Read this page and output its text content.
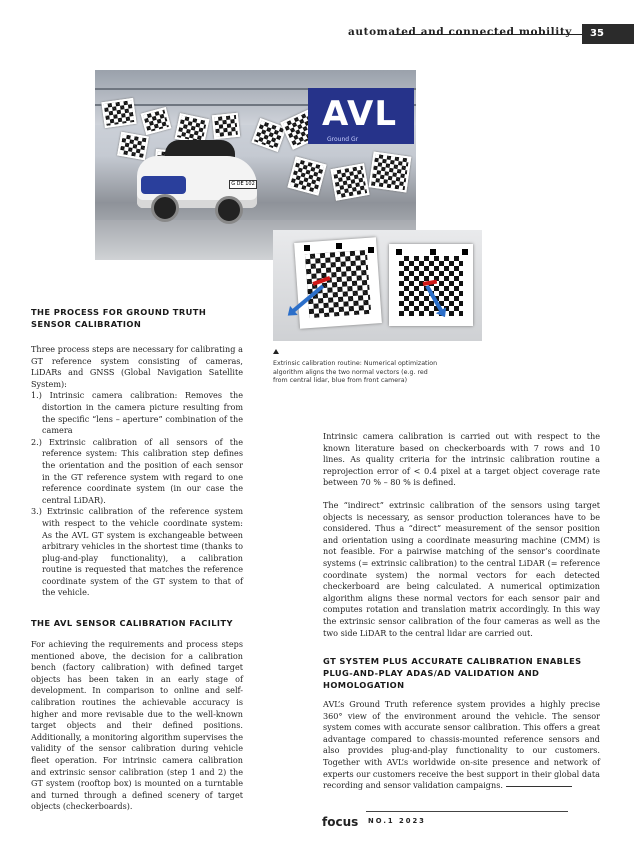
automated and connected mobility	35
AVL
Ground Gr
G DE 102
Extrinsic calibration routine: Numerical optimization algorithm aligns the two normal vectors (e.g. red from central lidar, blue from front camera)
THE PROCESS FOR GROUND TRUTH SENSOR CALIBRATION

Three process steps are necessary for calibrating a GT reference system consisting of cameras, LiDARs and GNSS (Global Navigation Satellite System):

1.) Intrinsic camera calibration: Removes the distortion in the camera picture resulting from the specific “lens – aperture” combination of the camera
2.) Extrinsic calibration of all sensors of the reference system: This calibration step defines the orientation and the position of each sensor in the GT reference system with regard to one reference coordinate system (in our case the central LiDAR).
3.) Extrinsic calibration of the reference system with respect to the vehicle coordinate system: As the AVL GT system is exchangeable between arbitrary vehicles in the shortest time (thanks to plug-and-play functionality), a calibration routine is requested that matches the reference coordinate system of the GT system to that of the vehicle.
THE AVL SENSOR CALIBRATION FACILITY

For achieving the requirements and process steps mentioned above, the decision for a calibration bench (factory calibration) with defined target objects has been taken in an early stage of development. In comparison to online and self-calibration routines the achievable accuracy is higher and more revisable due to the well-known target objects and their defined positions. Additionally, a monitoring algorithm supervises the validity of the sensor calibration during vehicle fleet operation. For intrinsic camera calibration and extrinsic sensor calibration (step 1 and 2) the GT system (rooftop box) is mounted on a turntable and turned through a defined scenery of target objects (checkerboards).

Intrinsic camera calibration is carried out with respect to the known literature based on checkerboards with 7 rows and 10 lines. As quality criteria for the intrinsic calibration routine a reprojection error of < 0.4 pixel at a target object coverage rate between 70 % – 80 % is defined.

The “indirect” extrinsic calibration of the sensors using target objects is necessary, as sensor production tolerances have to be considered. Thus a “direct” measurement of the sensor position and orientation using a coordinate measuring machine (CMM) is not feasible. For a pairwise matching of the sensor’s coordinate systems (= extrinsic calibration) to the central LiDAR (= reference coordinate system) the normal vectors for each detected checkerboard are being calculated. A numerical optimization algorithm aligns these normal vectors for each sensor pair and computes rotation and translation matrix accordingly. In this way the extrinsic sensor calibration of the four cameras as well as the two side LiDAR to the central lidar are carried out.

GT SYSTEM PLUS ACCURATE CALIBRATION ENABLES PLUG-AND-PLAY ADAS/AD VALIDATION AND HOMOLOGATION

AVL’s Ground Truth reference system provides a highly precise 360° view of the environment around the vehicle. The sensor system comes with accurate sensor calibration. This offers a great advantage compared to chassis-mounted reference sensors and also provides plug-and-play functionality to our customers. Together with AVL’s worldwide on-site presence and network of experts our customers receive the best support in their global data recording and sensor validation campaigns.

focus NO.1 2023
